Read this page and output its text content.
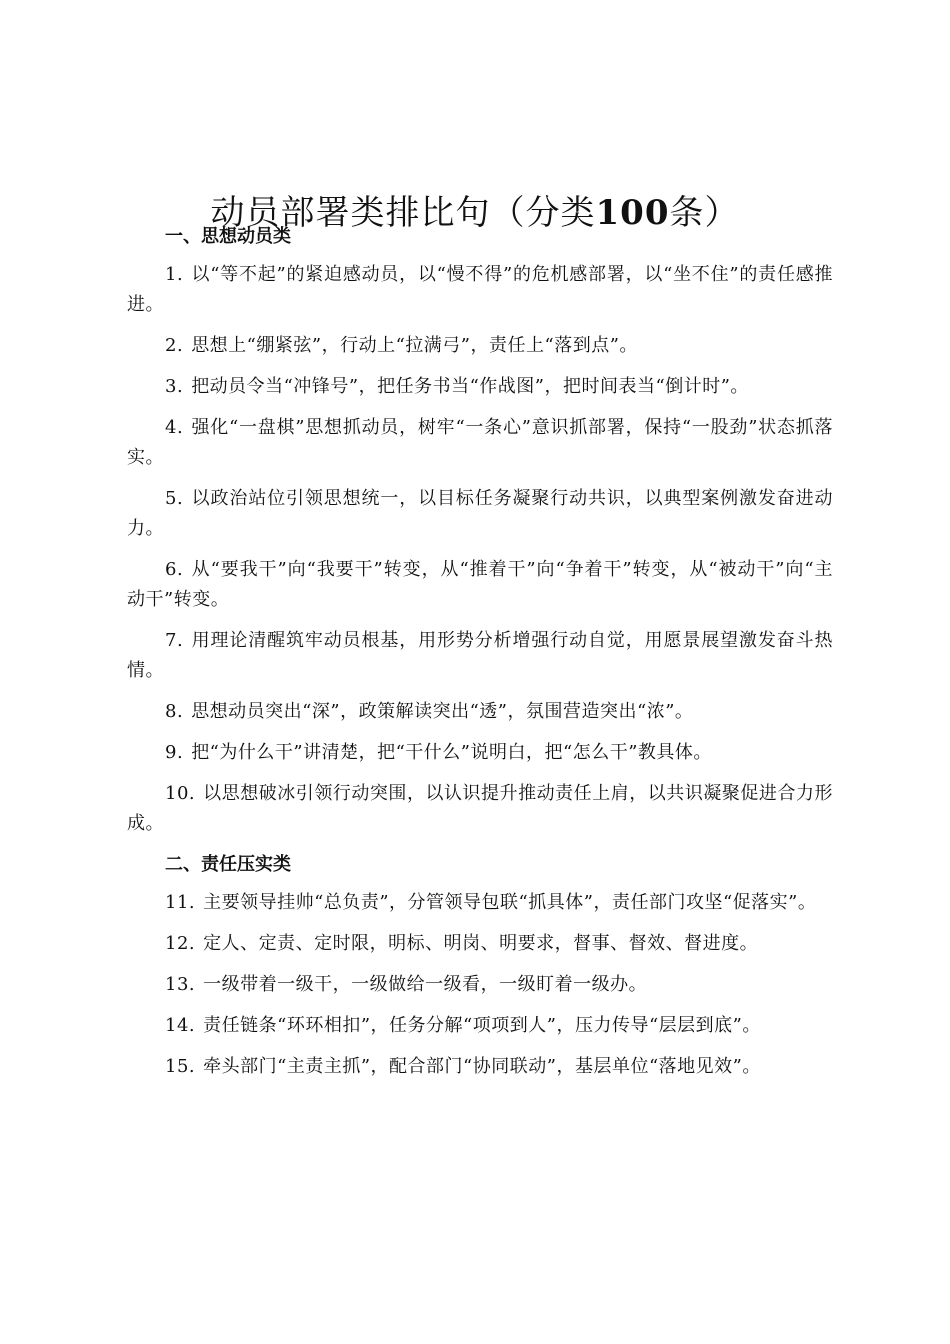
动员部署类排比句（分类100条）
一、思想动员类

1. 以“等不起”的紧迫感动员，以“慢不得”的危机感部署，以“坐不住”的责任感推进。

2. 思想上“绷紧弦”，行动上“拉满弓”，责任上“落到点”。

3. 把动员令当“冲锋号”，把任务书当“作战图”，把时间表当“倒计时”。

4. 强化“一盘棋”思想抓动员，树牢“一条心”意识抓部署，保持“一股劲”状态抓落实。

5. 以政治站位引领思想统一，以目标任务凝聚行动共识，以典型案例激发奋进动力。

6. 从“要我干”向“我要干”转变，从“推着干”向“争着干”转变，从“被动干”向“主动干”转变。

7. 用理论清醒筑牢动员根基，用形势分析增强行动自觉，用愿景展望激发奋斗热情。

8. 思想动员突出“深”，政策解读突出“透”，氛围营造突出“浓”。

9. 把“为什么干”讲清楚，把“干什么”说明白，把“怎么干”教具体。

10. 以思想破冰引领行动突围，以认识提升推动责任上肩，以共识凝聚促进合力形成。

二、责任压实类

11. 主要领导挂帅“总负责”，分管领导包联“抓具体”，责任部门攻坚“促落实”。

12. 定人、定责、定时限，明标、明岗、明要求，督事、督效、督进度。

13. 一级带着一级干，一级做给一级看，一级盯着一级办。

14. 责任链条“环环相扣”，任务分解“项项到人”，压力传导“层层到底”。

15. 牵头部门“主责主抓”，配合部门“协同联动”，基层单位“落地见效”。
